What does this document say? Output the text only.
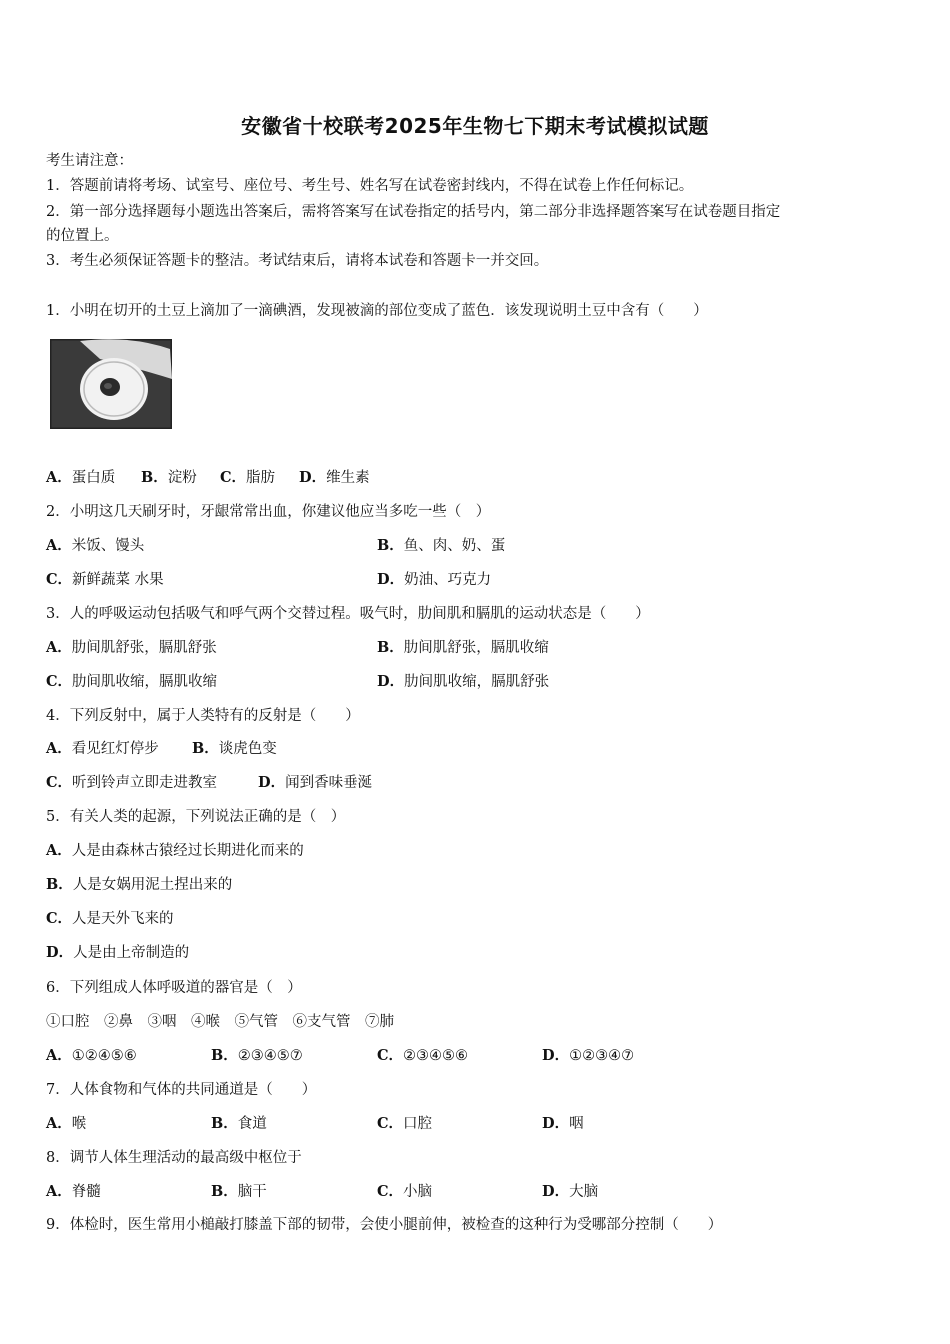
安徽省十校联考2025年生物七下期末考试模拟试题
考生请注意：
1．答题前请将考场、试室号、座位号、考生号、姓名写在试卷密封线内，不得在试卷上作任何标记。
2．第一部分选择题每小题选出答案后，需将答案写在试卷指定的括号内，第二部分非选择题答案写在试卷题目指定
的位置上。
3．考生必须保证答题卡的整洁。考试结束后，请将本试卷和答题卡一并交回。
1．小明在切开的土豆上滴加了一滴碘酒，发现被滴的部位变成了蓝色．该发现说明土豆中含有（　　）
A．蛋白质 B．淀粉 C．脂肪 D．维生素
2．小明这几天刷牙时，牙龈常常出血，你建议他应当多吃一些（　）
A．米饭、馒头	B．鱼、肉、奶、蛋
C．新鲜蔬菜 水果	D．奶油、巧克力
3．人的呼吸运动包括吸气和呼气两个交替过程。吸气时，肋间肌和膈肌的运动状态是（　　）
A．肋间肌舒张，膈肌舒张	B．肋间肌舒张，膈肌收缩
C．肋间肌收缩，膈肌收缩	D．肋间肌收缩，膈肌舒张
4．下列反射中，属于人类特有的反射是（　　）
A．看见红灯停步 B．谈虎色变
C．听到铃声立即走进教室	D．闻到香味垂涎
5．有关人类的起源，下列说法正确的是（　）
A．人是由森林古猿经过长期进化而来的
B．人是女娲用泥土捏出来的
C．人是天外飞来的
D．人是由上帝制造的
6．下列组成人体呼吸道的器官是（　）
①口腔　②鼻　③咽　④喉　⑤气管　⑥支气管　⑦肺
A．①②④⑤⑥	B．②③④⑤⑦	C．②③④⑤⑥	D．①②③④⑦
7．人体食物和气体的共同通道是（　　）
A．喉	B．食道	C．口腔	D．咽
8．调节人体生理活动的最高级中枢位于
A．脊髓	B．脑干	C．小脑	D．大脑
9．体检时，医生常用小槌敲打膝盖下部的韧带，会使小腿前伸，被检查的这种行为受哪部分控制（　　）
